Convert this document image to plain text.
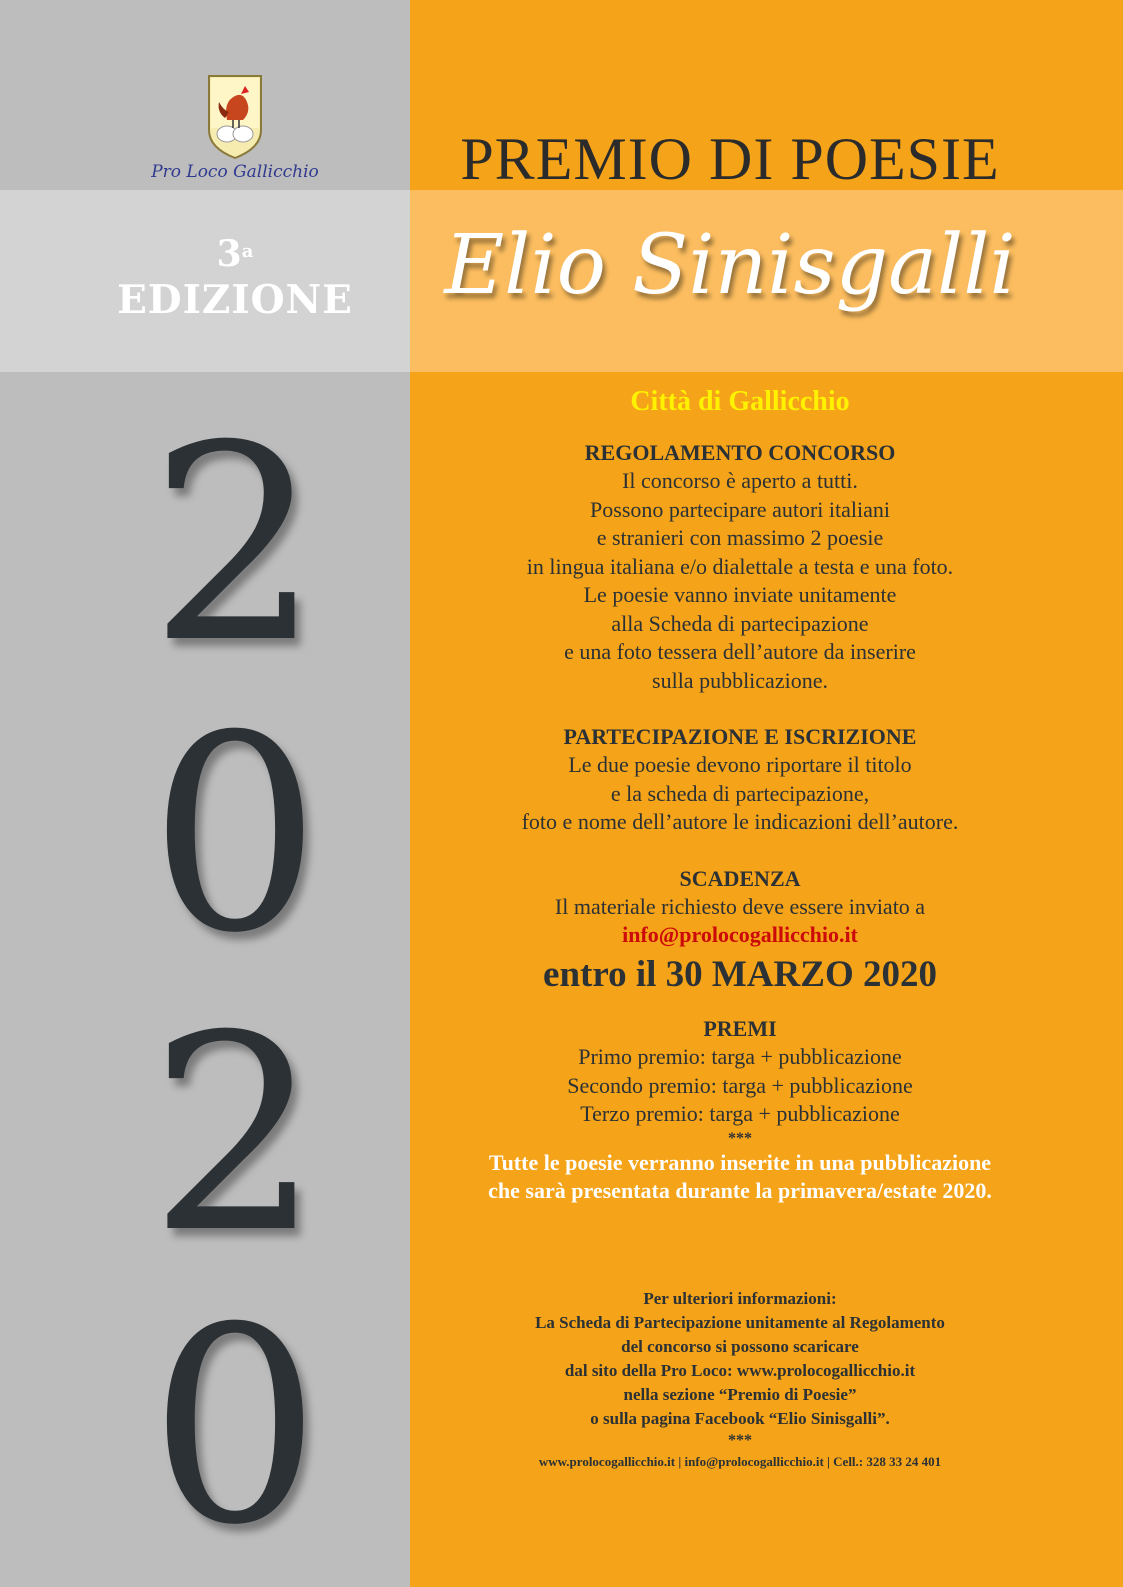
Pro Loco Gallicchio
3$^a$
EDIZIONE
2
0
2
0
PREMIO DI POESIE
Elio Sinisgalli
Città di Gallicchio
REGOLAMENTO CONCORSO
Il concorso è aperto a tutti.
Possono partecipare autori italiani
e stranieri con massimo 2 poesie
in lingua italiana e/o dialettale a testa e una foto.
Le poesie vanno inviate unitamente
alla Scheda di partecipazione
e una foto tessera dell’autore da inserire
sulla pubblicazione.
PARTECIPAZIONE E ISCRIZIONE
Le due poesie devono riportare il titolo
e la scheda di partecipazione,
foto e nome dell’autore le indicazioni dell’autore.
SCADENZA
Il materiale richiesto deve essere inviato a
info@prolocogallicchio.it
entro il 30 MARZO 2020
PREMI
Primo premio: targa + pubblicazione
Secondo premio: targa + pubblicazione
Terzo premio: targa + pubblicazione
***
Tutte le poesie verranno inserite in una pubblicazione
che sarà presentata durante la primavera/estate 2020.
Per ulteriori informazioni:
La Scheda di Partecipazione unitamente al Regolamento
del concorso si possono scaricare
dal sito della Pro Loco: www.prolocogallicchio.it
nella sezione “Premio di Poesie”
o sulla pagina Facebook “Elio Sinisgalli”.
***
www.prolocogallicchio.it | info@prolocogallicchio.it | Cell.: 328 33 24 401
